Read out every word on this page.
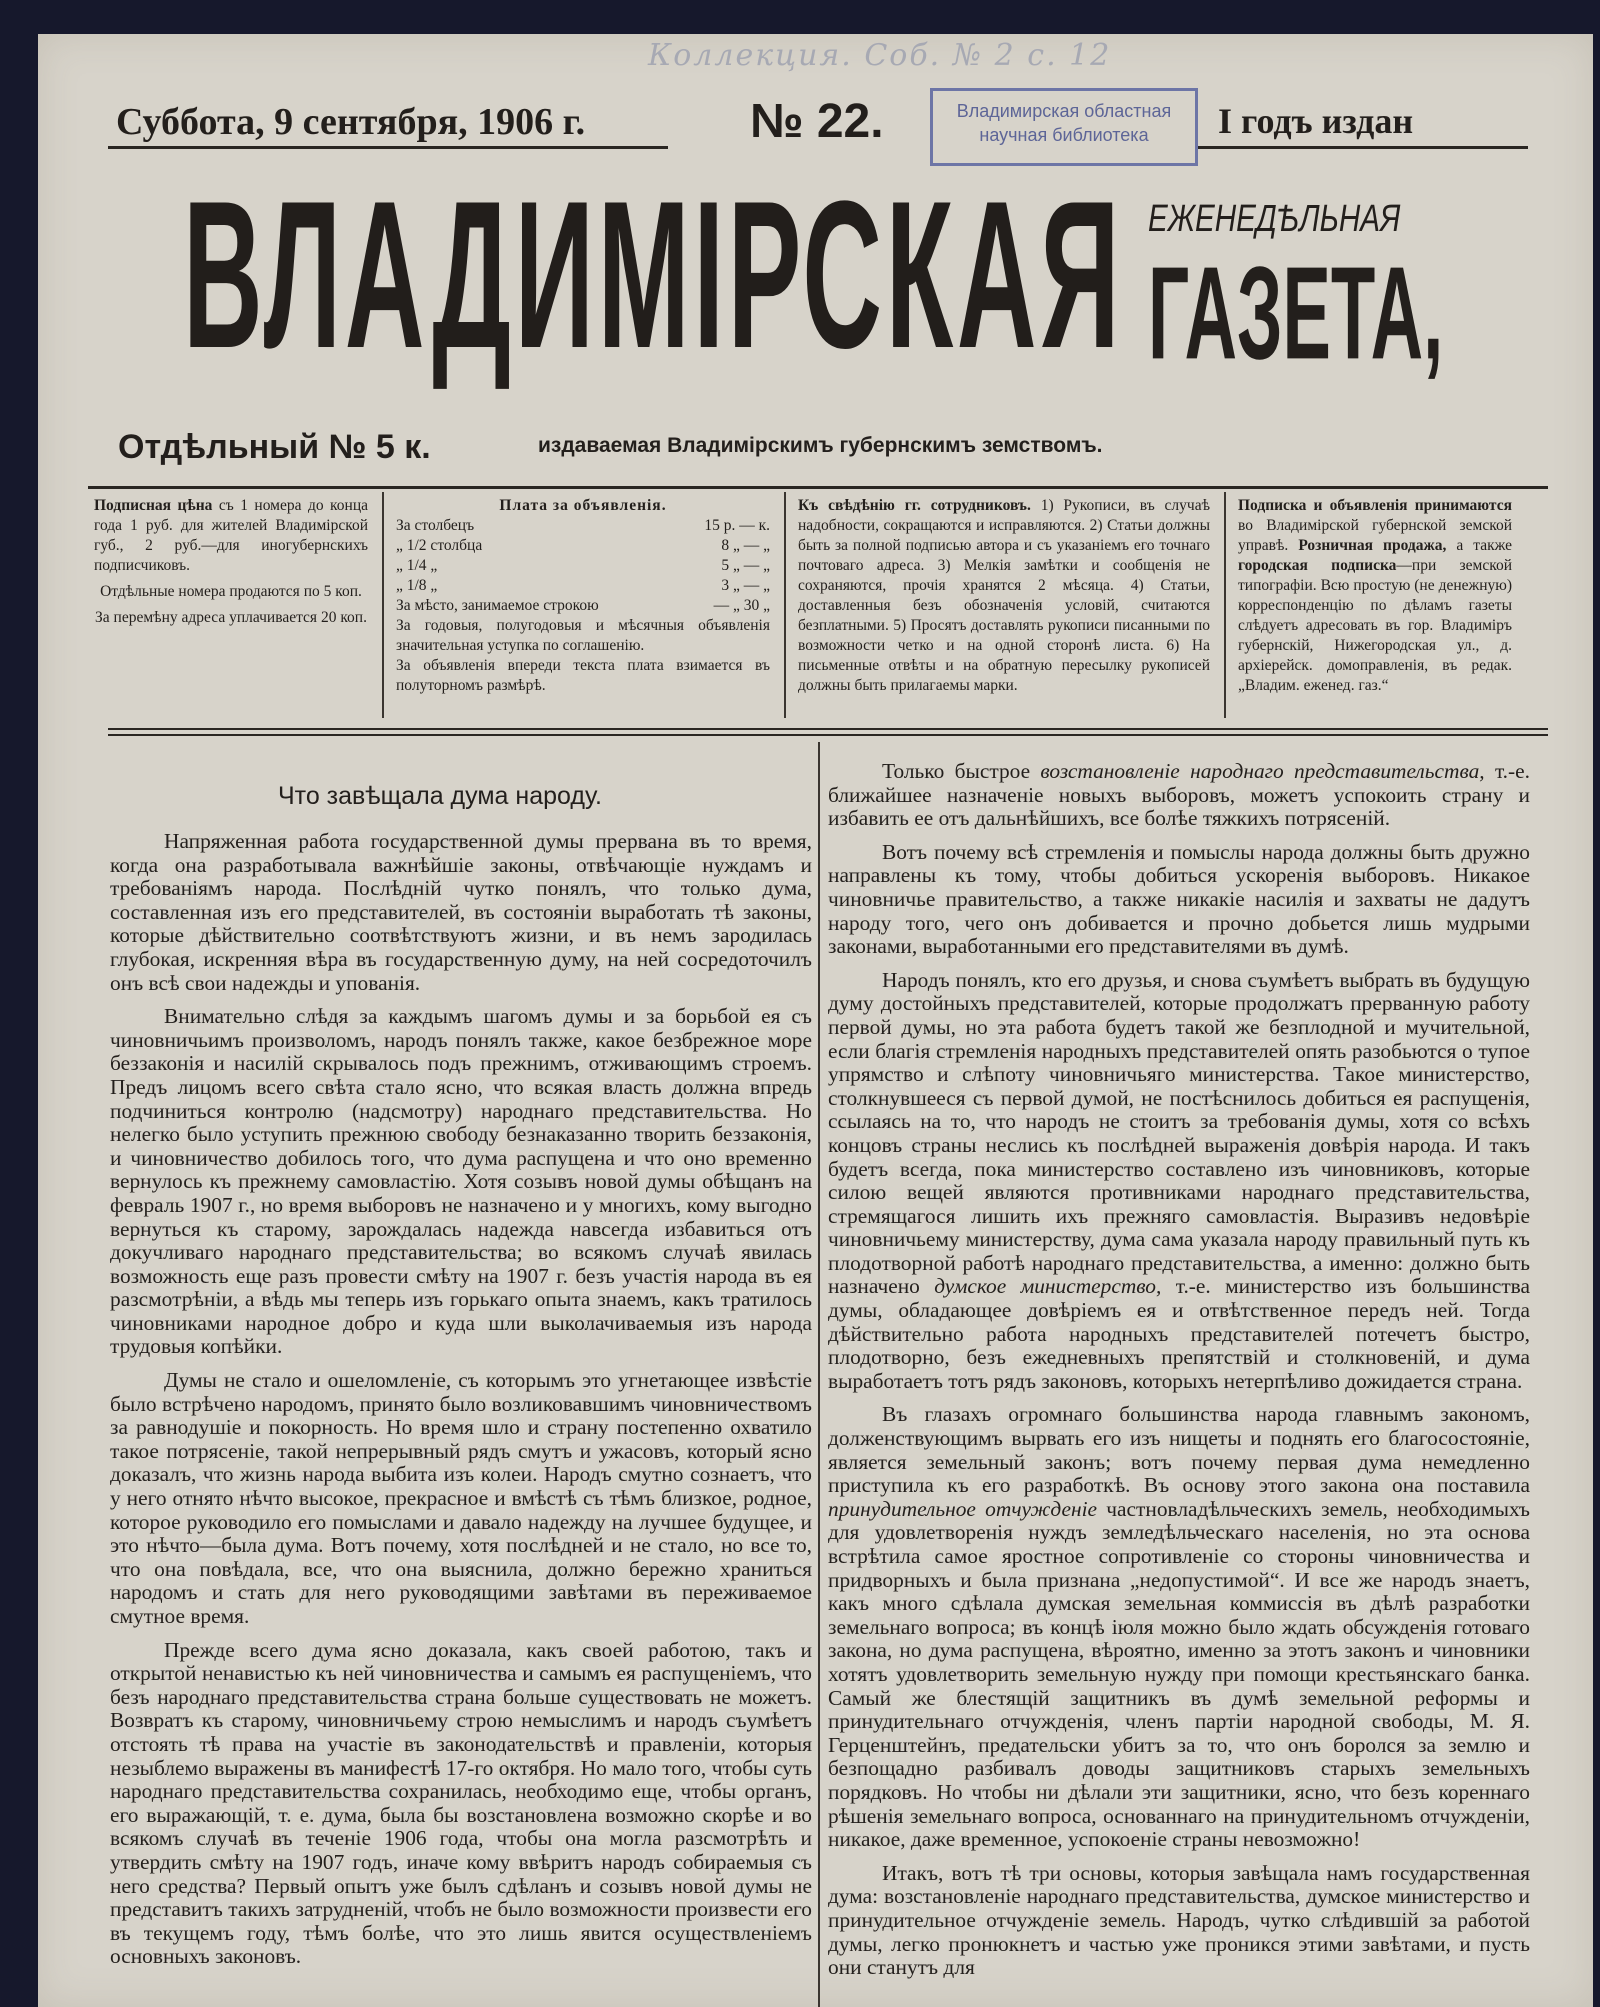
Коллекция. Соб. № 2 с. 12
Суббота, 9 сентября, 1906 г.	№ 22.	Владимирская областная
научная библиотека	I годъ издан
ВЛАДИМIРСКАЯ ЕЖЕНЕДѢЛЬНАЯ
ГАЗЕТА,
Отдѣльный № 5 к.	издаваемая Владимірскимъ губернскимъ земствомъ.
Подписная цѣна съ 1 номера до конца года 1 руб. для жителей Владимірской губ., 2 руб.—для иногубернскихъ подписчиковъ.
Отдѣльные номера продаются по 5 коп.
За перемѣну адреса уплачивается 20 коп.
Плата за объявленія.
За столбецъ	15 р. — к.
„ 1/2 столбца	8 „ — „
„ 1/4 „	5 „ — „
„ 1/8 „	3 „ — „
За мѣсто, занимаемое строкою	— „ 30 „
За годовыя, полугодовыя и мѣсячныя объявленія значительная уступка по соглашенію.
За объявленія впереди текста плата взимается въ полуторномъ размѣрѣ.
Къ свѣдѣнію гг. сотрудниковъ. 1) Рукописи, въ случаѣ надобности, сокращаются и исправляются. 2) Статьи должны быть за полной подписью автора и съ указаніемъ его точнаго почтоваго адреса. 3) Мелкія замѣтки и сообщенія не сохраняются, прочія хранятся 2 мѣсяца. 4) Статьи, доставленныя безъ обозначенія условій, считаются безплатными. 5) Просятъ доставлять рукописи писанными по возможности четко и на одной сторонѣ листа. 6) На письменные отвѣты и на обратную пересылку рукописей должны быть прилагаемы марки.
Подписка и объявленія принимаются во Владимірской губернской земской управѣ. Розничная продажа, а также городская подписка—при земской типографіи. Всю простую (не денежную) корреспонденцію по дѣламъ газеты слѣдуетъ адресовать въ гор. Владиміръ губернскій, Нижегородская ул., д. архіерейск. домоправленія, въ редак. „Владим. еженед. газ.“
Что завѣщала дума народу.

Напряженная работа государственной думы прервана въ то время, когда она разработывала важнѣйшіе законы, отвѣчающіе нуждамъ и требованіямъ народа. Послѣдній чутко понялъ, что только дума, составленная изъ его представителей, въ состояніи выработать тѣ законы, которые дѣйствительно соотвѣтствуютъ жизни, и въ немъ зародилась глубокая, искренняя вѣра въ государственную думу, на ней сосредоточилъ онъ всѣ свои надежды и упованія.

Внимательно слѣдя за каждымъ шагомъ думы и за борьбой ея съ чиновничьимъ произволомъ, народъ понялъ также, какое безбрежное море беззаконія и насилій скрывалось подъ прежнимъ, отживающимъ строемъ. Предъ лицомъ всего свѣта стало ясно, что всякая власть должна впредь подчиниться контролю (надсмотру) народнаго представительства. Но нелегко было уступить прежнюю свободу безнаказанно творить беззаконія, и чиновничество добилось того, что дума распущена и что оно временно вернулось къ прежнему самовластію. Хотя созывъ новой думы обѣщанъ на февраль 1907 г., но время выборовъ не назначено и у многихъ, кому выгодно вернуться къ старому, зарождалась надежда навсегда избавиться отъ докучливаго народнаго представительства; во всякомъ случаѣ явилась возможность еще разъ провести смѣту на 1907 г. безъ участія народа въ ея разсмотрѣніи, а вѣдь мы теперь изъ горькаго опыта знаемъ, какъ тратилось чиновниками народное добро и куда шли выколачиваемыя изъ народа трудовыя копѣйки.

Думы не стало и ошеломленіе, съ которымъ это угнетающее извѣстіе было встрѣчено народомъ, принято было возликовавшимъ чиновничествомъ за равнодушіе и покорность. Но время шло и страну постепенно охватило такое потрясеніе, такой непрерывный рядъ смутъ и ужасовъ, который ясно доказалъ, что жизнь народа выбита изъ колеи. Народъ смутно сознаетъ, что у него отнято нѣчто высокое, прекрасное и вмѣстѣ съ тѣмъ близкое, родное, которое руководило его помыслами и давало надежду на лучшее будущее, и это нѣчто—была дума. Вотъ почему, хотя послѣдней и не стало, но все то, что она повѣдала, все, что она выяснила, должно бережно храниться народомъ и стать для него руководящими завѣтами въ переживаемое смутное время.

Прежде всего дума ясно доказала, какъ своей работою, такъ и открытой ненавистью къ ней чиновничества и самымъ ея распущеніемъ, что безъ народнаго представительства страна больше существовать не можетъ. Возвратъ къ старому, чиновничьему строю немыслимъ и народъ съумѣетъ отстоять тѣ права на участіе въ законодательствѣ и правленіи, которыя незыблемо выражены въ манифестѣ 17-го октября. Но мало того, чтобы суть народнаго представительства сохранилась, необходимо еще, чтобы органъ, его выражающій, т. е. дума, была бы возстановлена возможно скорѣе и во всякомъ случаѣ въ теченіе 1906 года, чтобы она могла разсмотрѣть и утвердить смѣту на 1907 годъ, иначе кому ввѣритъ народъ собираемыя съ него средства? Первый опытъ уже былъ сдѣланъ и созывъ новой думы не представитъ такихъ затрудненій, чтобъ не было возможности произвести его въ текущемъ году, тѣмъ болѣе, что это лишь явится осуществленіемъ основныхъ законовъ.

Только быстрое возстановленіе народнаго представительства, т.-е. ближайшее назначеніе новыхъ выборовъ, можетъ успокоить страну и избавить ее отъ дальнѣйшихъ, все болѣе тяжкихъ потрясеній.

Вотъ почему всѣ стремленія и помыслы народа должны быть дружно направлены къ тому, чтобы добиться ускоренія выборовъ. Никакое чиновничье правительство, а также никакіе насилія и захваты не дадутъ народу того, чего онъ добивается и прочно добьется лишь мудрыми законами, выработанными его представителями въ думѣ.

Народъ понялъ, кто его друзья, и снова съумѣетъ выбрать въ будущую думу достойныхъ представителей, которые продолжатъ прерванную работу первой думы, но эта работа будетъ такой же безплодной и мучительной, если благія стремленія народныхъ представителей опять разобьются о тупое упрямство и слѣпоту чиновничьяго министерства. Такое министерство, столкнувшееся съ первой думой, не постѣснилось добиться ея распущенія, ссылаясь на то, что народъ не стоитъ за требованія думы, хотя со всѣхъ концовъ страны неслись къ послѣдней выраженія довѣрія народа. И такъ будетъ всегда, пока министерство составлено изъ чиновниковъ, которые силою вещей являются противниками народнаго представительства, стремящагося лишить ихъ прежняго самовластія. Выразивъ недовѣріе чиновничьему министерству, дума сама указала народу правильный путь къ плодотворной работѣ народнаго представительства, а именно: должно быть назначено думское министерство, т.-е. министерство изъ большинства думы, обладающее довѣріемъ ея и отвѣтственное передъ ней. Тогда дѣйствительно работа народныхъ представителей потечетъ быстро, плодотворно, безъ ежедневныхъ препятствій и столкновеній, и дума выработаетъ тотъ рядъ законовъ, которыхъ нетерпѣливо дожидается страна.

Въ глазахъ огромнаго большинства народа главнымъ закономъ, долженствующимъ вырвать его изъ нищеты и поднять его благосостояніе, является земельный законъ; вотъ почему первая дума немедленно приступила къ его разработкѣ. Въ основу этого закона она поставила принудительное отчужденіе частновладѣльческихъ земель, необходимыхъ для удовлетворенія нуждъ земледѣльческаго населенія, но эта основа встрѣтила самое яростное сопротивленіе со стороны чиновничества и придворныхъ и была признана „недопустимой“. И все же народъ знаетъ, какъ много сдѣлала думская земельная коммиссія въ дѣлѣ разработки земельнаго вопроса; въ концѣ іюля можно было ждать обсужденія готоваго закона, но дума распущена, вѣроятно, именно за этотъ законъ и чиновники хотятъ удовлетворить земельную нужду при помощи крестьянскаго банка. Самый же блестящій защитникъ въ думѣ земельной реформы и принудительнаго отчужденія, членъ партіи народной свободы, М. Я. Герценштейнъ, предательски убитъ за то, что онъ боролся за землю и безпощадно разбивалъ доводы защитниковъ старыхъ земельныхъ порядковъ. Но чтобы ни дѣлали эти защитники, ясно, что безъ кореннаго рѣшенія земельнаго вопроса, основаннаго на принудительномъ отчужденіи, никакое, даже временное, успокоеніе страны невозможно!

Итакъ, вотъ тѣ три основы, которыя завѣщала намъ государственная дума: возстановленіе народнаго представительства, думское министерство и принудительное отчужденіе земель. Народъ, чутко слѣдившій за работой думы, легко пронюкнетъ и частью уже проникся этими завѣтами, и пусть они станутъ для
